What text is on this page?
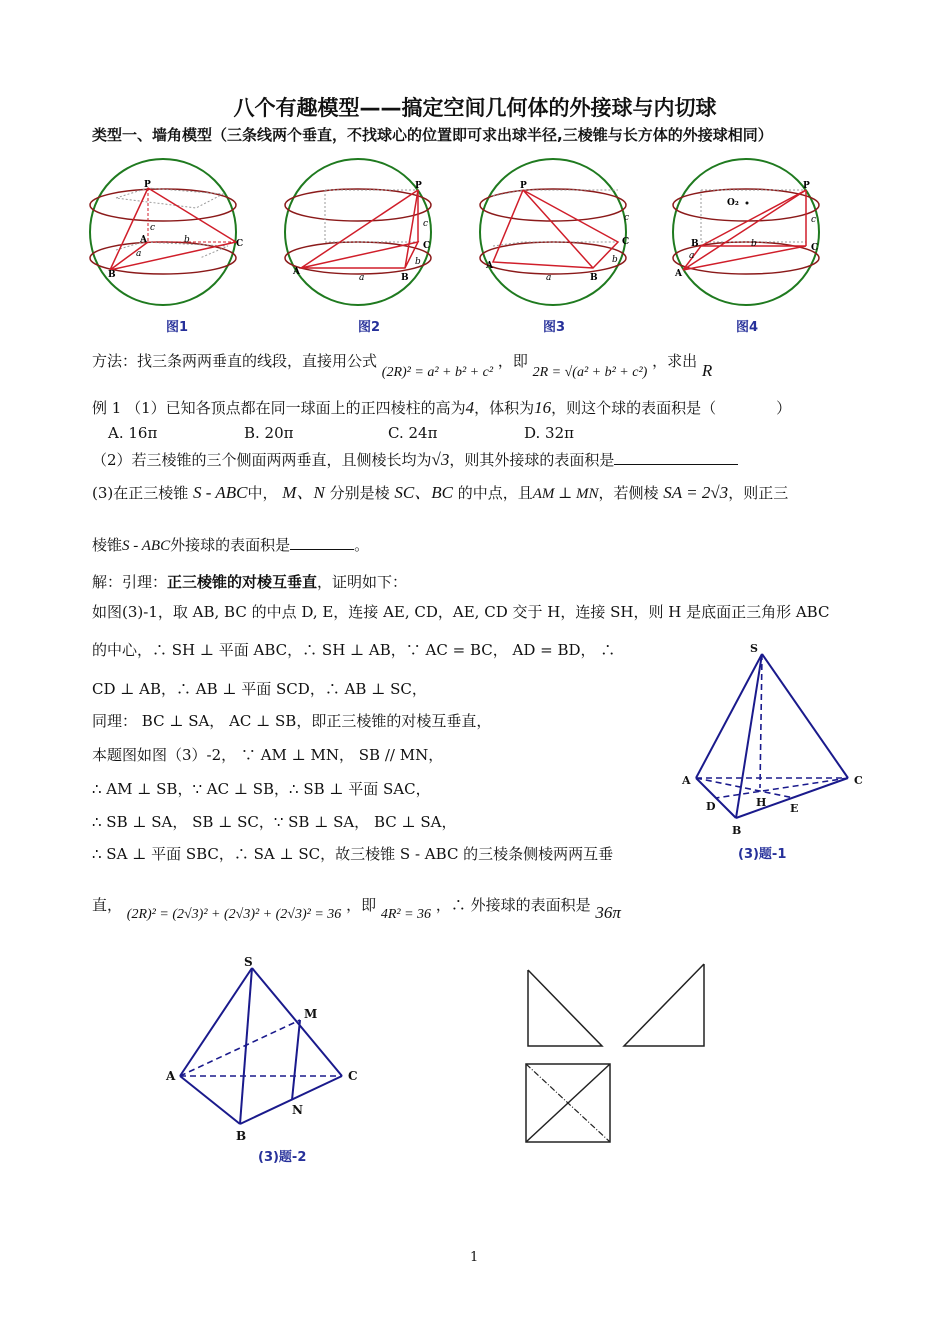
八个有趣模型——搞定空间几何体的外接球与内切球
类型一、墙角模型（三条线两个垂直，不找球心的位置即可求出球半径,三棱锥与长方体的外接球相同）
P
A
B
C
a
b
c
P
A
B
C
a
b
c
P
A
B
C
a
b
c
P
O₂
A
B	C
a
b
c
图1	图2	图3	图4
方法：找三条两两垂直的线段，直接用公式 (2R)² = a² + b² + c² ，即 2R = √(a² + b² + c²) ，求出 R
例 1 （1）已知各顶点都在同一球面上的正四棱柱的高为4，体积为16，则这个球的表面积是（	）
A. 16π	B. 20π	C. 24π	D. 32π
（2）若三棱锥的三个侧面两两垂直，且侧棱长均为√3，则其外接球的表面积是
(3)在正三棱锥 S - ABC中， M、N 分别是棱 SC、BC 的中点，且AM ⊥ MN，若侧棱 SA = 2√3，则正三
棱锥S - ABC外接球的表面积是	。
解：引理：正三棱锥的对棱互垂直，证明如下：
如图(3)-1，取 AB, BC 的中点 D, E，连接 AE, CD，AE, CD 交于 H，连接 SH，则 H 是底面正三角形 ABC
的中心，∴ SH ⊥ 平面 ABC，∴ SH ⊥ AB，∵ AC = BC， AD = BD， ∴
CD ⊥ AB，∴ AB ⊥ 平面 SCD，∴ AB ⊥ SC，
同理： BC ⊥ SA， AC ⊥ SB，即正三棱锥的对棱互垂直，
本题图如图（3）-2， ∵ AM ⊥ MN， SB // MN，
∴ AM ⊥ SB，∵ AC ⊥ SB，∴ SB ⊥ 平面 SAC，
∴ SB ⊥ SA， SB ⊥ SC，∵ SB ⊥ SA， BC ⊥ SA，
∴ SA ⊥ 平面 SBC，∴ SA ⊥ SC，故三棱锥 S - ABC 的三棱条侧棱两两互垂
直， (2R)² = (2√3)² + (2√3)² + (2√3)² = 36 ，即 4R² = 36 ，∴ 外接球的表面积是 36π
S
A	C
B
D	E
H
(3)题-1
S
A	C
B
M
N
(3)题-2
1
